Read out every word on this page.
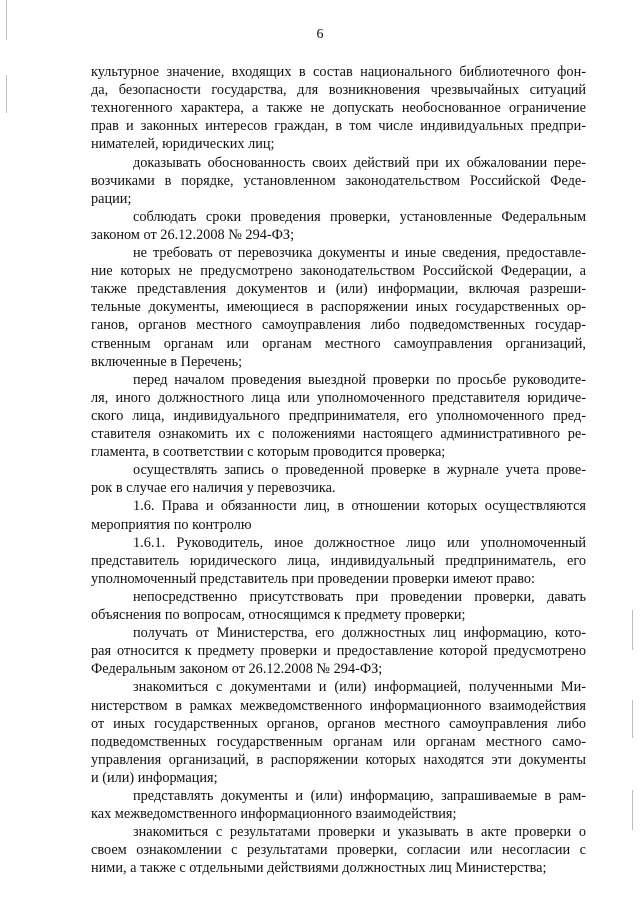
6
культурное значение, входящих в состав национального библиотечного фон-
да, безопасности государства, для возникновения чрезвычайных ситуаций
техногенного характера, а также не допускать необоснованное ограничение
прав и законных интересов граждан, в том числе индивидуальных предпри-
нимателей, юридических лиц;
доказывать обоснованность своих действий при их обжаловании пере-
возчиками в порядке, установленном законодательством Российской Феде-
рации;
соблюдать сроки проведения проверки, установленные Федеральным
законом от 26.12.2008 № 294-ФЗ;
не требовать от перевозчика документы и иные сведения, предоставле-
ние которых не предусмотрено законодательством Российской Федерации, а
также представления документов и (или) информации, включая разреши-
тельные документы, имеющиеся в распоряжении иных государственных ор-
ганов, органов местного самоуправления либо подведомственных государ-
ственным органам или органам местного самоуправления организаций,
включенные в Перечень;
перед началом проведения выездной проверки по просьбе руководите-
ля, иного должностного лица или уполномоченного представителя юридиче-
ского лица, индивидуального предпринимателя, его уполномоченного пред-
ставителя ознакомить их с положениями настоящего административного ре-
гламента, в соответствии с которым проводится проверка;
осуществлять запись о проведенной проверке в журнале учета прове-
рок в случае его наличия у перевозчика.
1.6. Права и обязанности лиц, в отношении которых осуществляются
мероприятия по контролю
1.6.1. Руководитель, иное должностное лицо или уполномоченный
представитель юридического лица, индивидуальный предприниматель, его
уполномоченный представитель при проведении проверки имеют право:
непосредственно присутствовать при проведении проверки, давать
объяснения по вопросам, относящимся к предмету проверки;
получать от Министерства, его должностных лиц информацию, кото-
рая относится к предмету проверки и предоставление которой предусмотрено
Федеральным законом от 26.12.2008 № 294-ФЗ;
знакомиться с документами и (или) информацией, полученными Ми-
нистерством в рамках межведомственного информационного взаимодействия
от иных государственных органов, органов местного самоуправления либо
подведомственных государственным органам или органам местного само-
управления организаций, в распоряжении которых находятся эти документы
и (или) информация;
представлять документы и (или) информацию, запрашиваемые в рам-
ках межведомственного информационного взаимодействия;
знакомиться с результатами проверки и указывать в акте проверки о
своем ознакомлении с результатами проверки, согласии или несогласии с
ними, а также с отдельными действиями должностных лиц Министерства;
